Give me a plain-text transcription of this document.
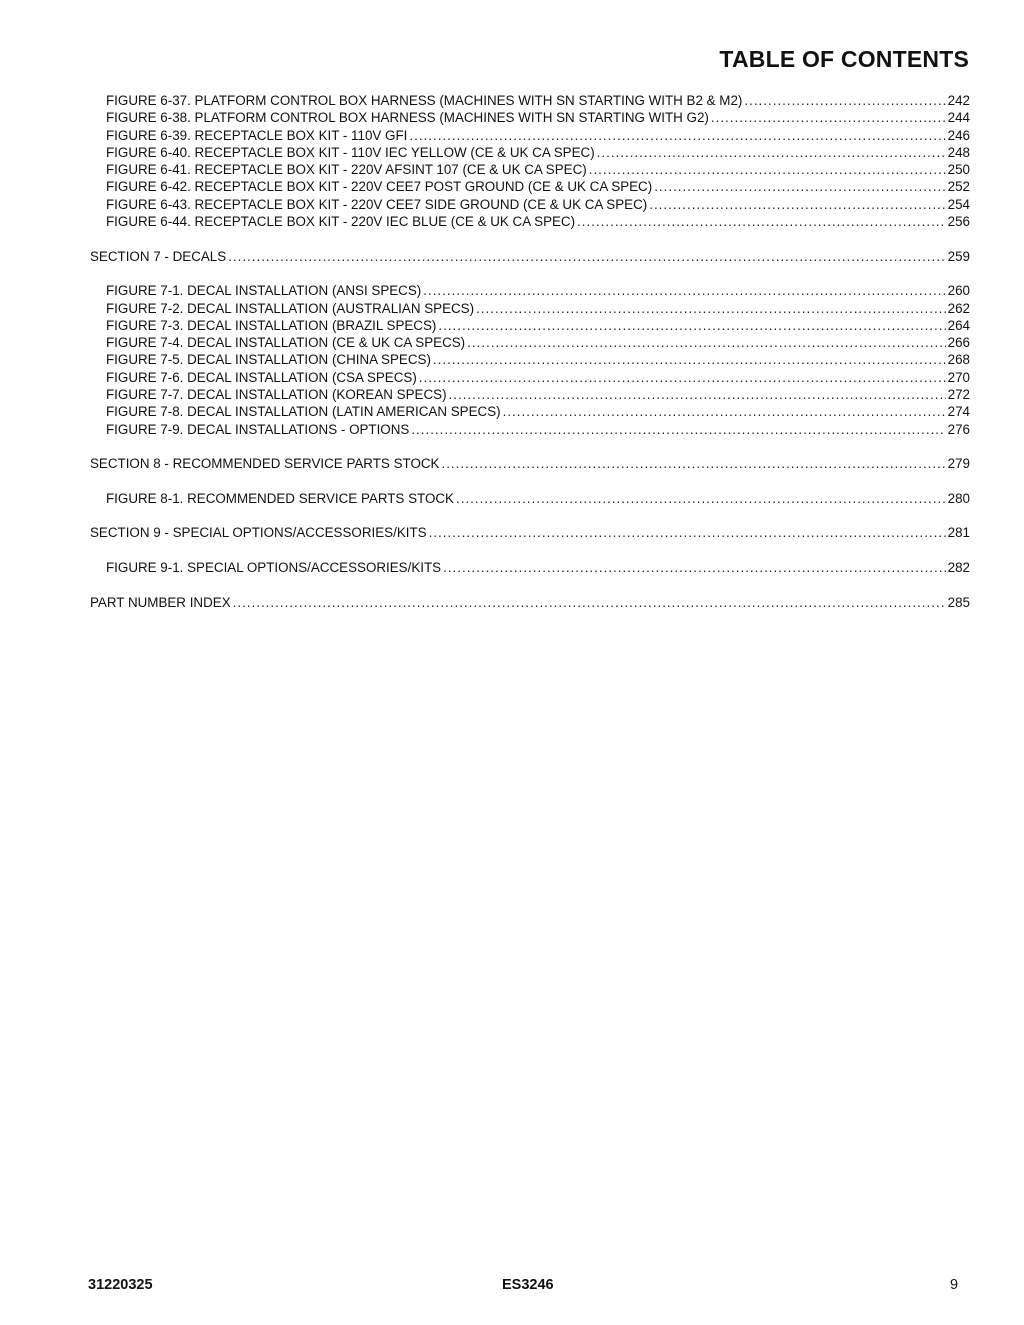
TABLE OF CONTENTS
FIGURE 6-37. PLATFORM CONTROL BOX HARNESS (MACHINES WITH SN STARTING WITH B2 & M2) .....	242
FIGURE 6-38. PLATFORM CONTROL BOX HARNESS (MACHINES WITH SN STARTING WITH G2) .....	244
FIGURE 6-39. RECEPTACLE BOX KIT - 110V GFI .....	246
FIGURE 6-40. RECEPTACLE BOX KIT - 110V IEC YELLOW (CE & UK CA SPEC) .....	248
FIGURE 6-41. RECEPTACLE BOX KIT - 220V AFSINT 107 (CE & UK CA SPEC) .....	250
FIGURE 6-42. RECEPTACLE BOX KIT - 220V CEE7 POST GROUND (CE & UK CA SPEC) .....	252
FIGURE 6-43. RECEPTACLE BOX KIT - 220V CEE7 SIDE GROUND (CE & UK CA SPEC) .....	254
FIGURE 6-44. RECEPTACLE BOX KIT - 220V IEC BLUE (CE & UK CA SPEC) .....	256
SECTION 7 - DECALS .....	259
FIGURE 7-1. DECAL INSTALLATION (ANSI SPECS) .....	260
FIGURE 7-2. DECAL INSTALLATION (AUSTRALIAN SPECS) .....	262
FIGURE 7-3. DECAL INSTALLATION (BRAZIL SPECS) .....	264
FIGURE 7-4. DECAL INSTALLATION (CE & UK CA SPECS) .....	266
FIGURE 7-5. DECAL INSTALLATION (CHINA SPECS) .....	268
FIGURE 7-6. DECAL INSTALLATION (CSA SPECS) .....	270
FIGURE 7-7. DECAL INSTALLATION (KOREAN SPECS) .....	272
FIGURE 7-8. DECAL INSTALLATION (LATIN AMERICAN SPECS) .....	274
FIGURE 7-9. DECAL INSTALLATIONS - OPTIONS .....	276
SECTION 8 - RECOMMENDED SERVICE PARTS STOCK .....	279
FIGURE 8-1. RECOMMENDED SERVICE PARTS STOCK .....	280
SECTION 9 - SPECIAL OPTIONS/ACCESSORIES/KITS .....	281
FIGURE 9-1. SPECIAL OPTIONS/ACCESSORIES/KITS .....	282
PART NUMBER INDEX .....	285
31220325	ES3246	9
